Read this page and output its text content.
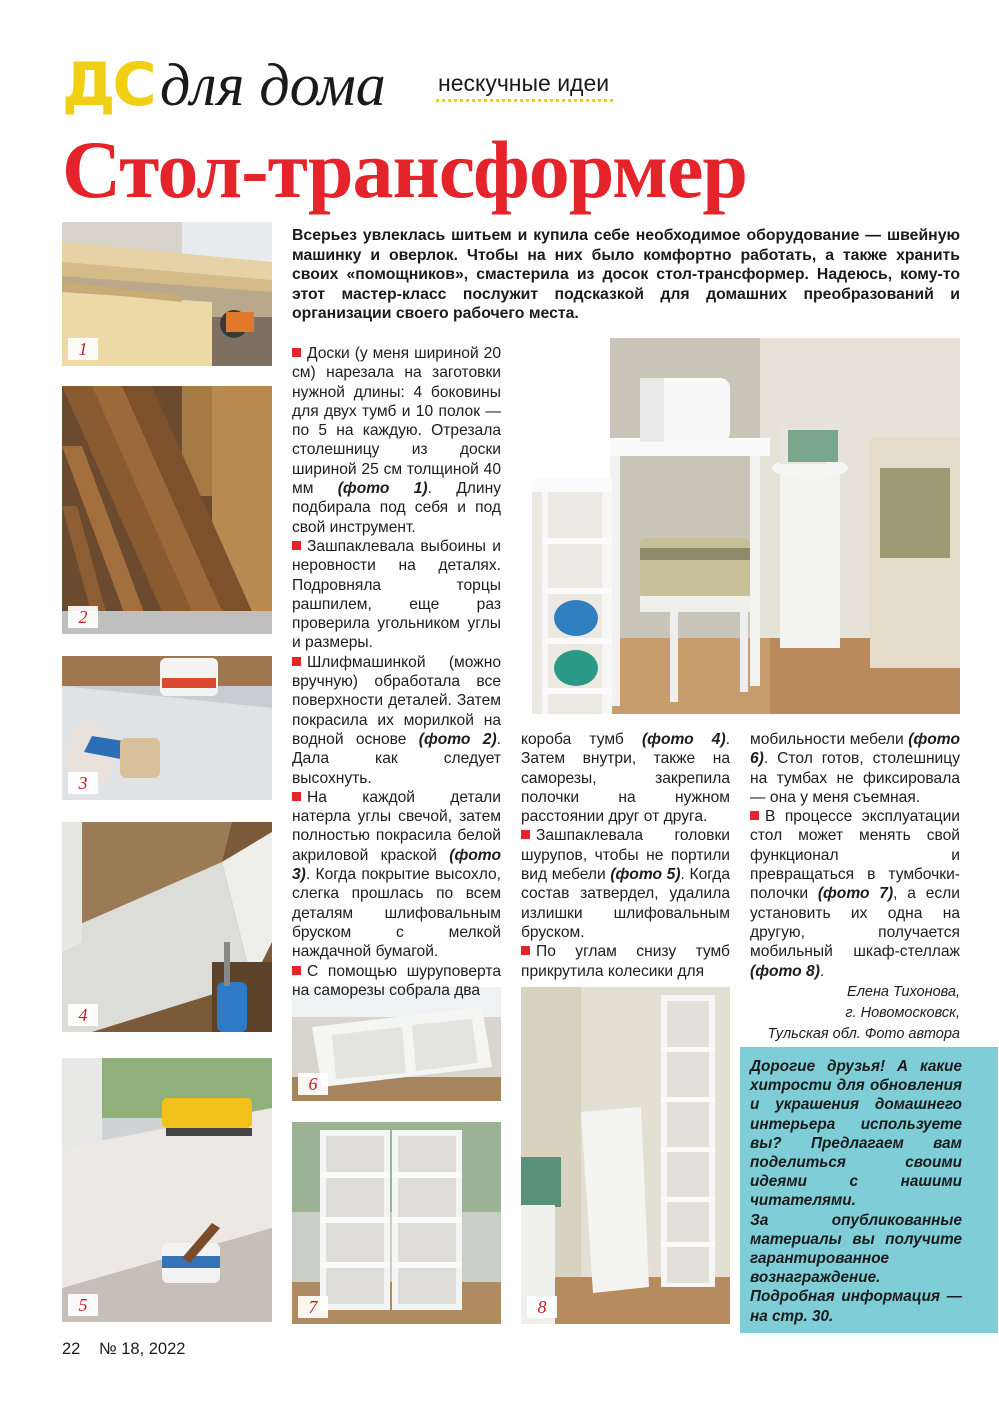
ДС для дома нескучные идеи
Стол-трансформер
Всерьез увлеклась шитьем и купила себе необходимое оборудование — швейную машинку и оверлок. Чтобы на них было комфортно работать, а также хранить своих «помощников», смастерила из досок стол-трансформер. Надеюсь, кому-то этот мастер-класс послужит подсказкой для домашних преобразований и организации своего рабочего места.
1
2
3
4
5
6
7	8

Доски (у меня шириной 20 см) нарезала на заготовки нужной длины: 4 боковины для двух тумб и 10 полок — по 5 на каждую. Отрезала столешницу из доски шириной 25 см толщиной 40 мм (фото 1). Длину подбирала под себя и под свой инструмент.

Зашпаклевала выбоины и неровности на деталях. Подровняла торцы рашпилем, еще раз проверила угольником углы и размеры.

Шлифмашинкой (можно вручную) обработала все поверхности деталей. Затем покрасила их морилкой на водной основе (фото 2). Дала как следует высохнуть.

На каждой детали натерла углы свечой, затем полностью покрасила белой акриловой краской (фото 3). Когда покрытие высохло, слегка прошлась по всем деталям шлифовальным бруском с мелкой наждачной бумагой.

С помощью шуруповерта на саморезы собрала два

короба тумб (фото 4). Затем внутри, также на саморезы, закрепила полочки на нужном расстоянии друг от друга.

Зашпаклевала головки шурупов, чтобы не портили вид мебели (фото 5). Когда состав затвердел, удалила излишки шлифовальным бруском.

По углам снизу тумб прикрутила колесики для

мобильности мебели (фото 6). Стол готов, столешницу на тумбах не фиксировала — она у меня съемная.

В процессе эксплуатации стол может менять свой функционал и превращаться в тумбочки-полочки (фото 7), а если установить их одна на другую, получается мобильный шкаф-стеллаж (фото 8).

Елена Тихонова,
г. Новомосковск,
Тульская обл. Фото автора
Дорогие друзья! А какие хитрости для обновления и украшения домашнего интерьера используете вы? Предлагаем вам поделиться своими идеями с нашими читателями.
За опубликованные материалы вы получите гарантированное вознаграждение. Подробная информация — на стр. 30.
22 № 18, 2022
